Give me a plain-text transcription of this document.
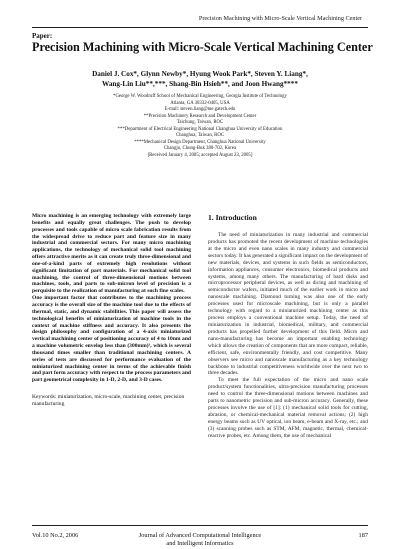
Precision Machining with Micro-Scale Vertical Machining Center
Paper:
Precision Machining with Micro-Scale Vertical Machining Center
Daniel J. Cox*, Glynn Newby*, Hyung Wook Park*, Steven Y. Liang*,
Wang-Lin Liu**,***, Shang-Bin Hsieh**, and Joon Hwang****
*George W. Woodruff School of Mechanical Engineering, Georgia Institute of Technology
Atlanta, GA 30332-0405, USA
E-mail: steven.liang@me.gatech.edu
**Precision Machinery Research and Development Center
Taichung, Taiwan, ROC
***Department of Electrical Engineering National Changhua University of Education
Changhua, Taiwan, ROC
****Mechanical Design Department, Changhua National University
Changju, Chung-Buk 380-702, Korea
[Received January 4, 2005; accepted August 23, 2005]

Micro machining is an emerging technology with extremely large benefits and equally great challenges. The push to develop processes and tools capable of micro scale fabrication results from the widespread drive to reduce part and feature size in many industrial and commercial sectors. For many micro machining applications, the technology of mechanical solid tool machining offers attractive merits as it can create truly three-dimensional and one-of-a-kind parts of extremely high resolutions without significant limitation of part materials. For mechanical solid tool machining, the control of three-dimensional motions between machines, tools, and parts to sub-micron level of precision is a perquisite to the realization of manufacturing at such fine scales.

One important factor that contributes to the machining process accuracy is the overall size of the machine tool due to the effects of thermal, static, and dynamic stabilities. This paper will assess the technological benefits of miniaturization of machine tools in the context of machine stiffness and accuracy. It also presents the design philosophy and configuration of a 4-axis miniaturized vertical machining center of positioning accuracy of 4 to 10nm and a machine volumetric envelop less than (300mm)³, which is several thousand times smaller than traditional machining centers. A series of tests are discussed for performance evaluation of the miniaturized machining center in terms of the achievable finish and part form accuracy with respect to the process parameters and part geometrical complexity in 1-D, 2-D, and 3-D cases.

Keywords: miniaturization, micro-scale, machining center, precision manufacturing
1. Introduction

The need of miniaturization in many industrial and commercial products has promoted the recent development of machine technologies at the micro and even nano scales in many industry and commercial sectors today. It has generated a significant impact on the development of new materials, devices, and systems in such fields as semiconductors, information appliances, consumer electronics, biomedical products and systems, among many others. The manufacturing of hard disks and microprocessor peripheral devices, as well as dicing and machining of semiconductor wafers, initiated much of the earlier work in micro and nanoscale machining. Diamond turning was also one of the early processes used for microscale machining, but is only a parallel technology with regard to a miniaturized machining center as this process employs a conventional machine setup. Today, the need of miniaturization in industrial, biomedical, military, and commercial products has propelled further development of this field. Micro and nano-manufacturing has become an important enabling technology which allows the creation of components that are more compact, reliable, efficient, safe, environmentally friendly, and cost competitive. Many observers see micro and nanoscale manufacturing as a key technology backbone to industrial competitiveness worldwide over the next two to three decades.

To meet the full expectation of the micro and nano scale product/system functionalities, ultra-precision manufacturing processes need to control the three-dimensional motions between machines and parts to nanometric precision and sub-micron accuracy. Generally, these processes involve the use of [1]: (1) mechanical solid tools for cutting, abrasion, or chemical-mechanical material removal actions; (2) high energy beams such as UV optical, ion beam, e-beam and X-ray, etc.; and (3) scanning probes such as STM, AFM, magnetic, thermal, chemical-reactive probes, etc. Among them, the use of mechanical

Vol.10 No.2, 2006	Journal of Advanced Computational Intelligence
and Intelligent Informatics
187
